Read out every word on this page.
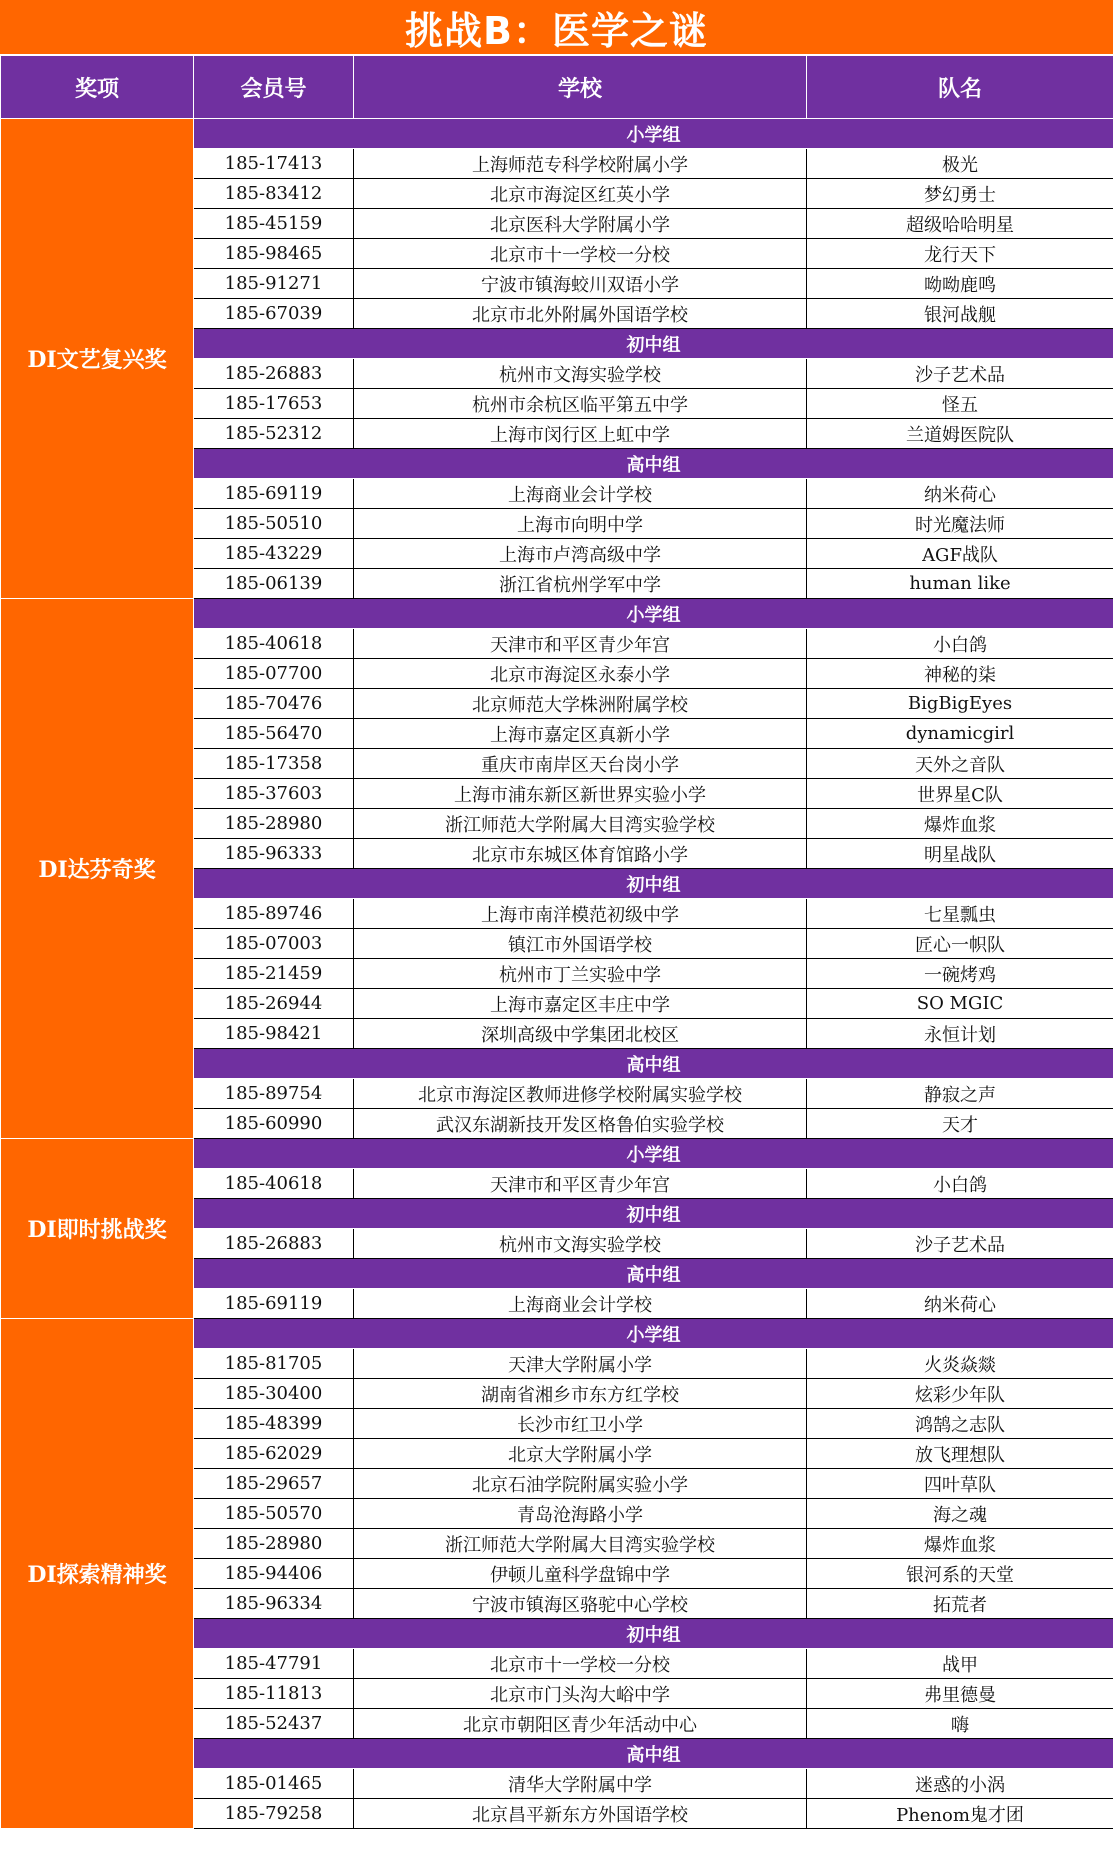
挑战B：医学之谜
奖项	会员号	学校	队名
DI文艺复兴奖	小学组		
	185-17413	上海师范专科学校附属小学	极光
	185-83412	北京市海淀区红英小学	梦幻勇士
	185-45159	北京医科大学附属小学	超级哈哈明星
	185-98465	北京市十一学校一分校	龙行天下
	185-91271	宁波市镇海蛟川双语小学	呦呦鹿鸣
	185-67039	北京市北外附属外国语学校	银河战舰
	初中组		
	185-26883	杭州市文海实验学校	沙子艺术品
	185-17653	杭州市余杭区临平第五中学	怪五
	185-52312	上海市闵行区上虹中学	兰道姆医院队
	高中组		
	185-69119	上海商业会计学校	纳米荷心
	185-50510	上海市向明中学	时光魔法师
	185-43229	上海市卢湾高级中学	AGF战队
	185-06139	浙江省杭州学军中学	human like
DI达芬奇奖	小学组		
	185-40618	天津市和平区青少年宫	小白鸽
	185-07700	北京市海淀区永泰小学	神秘的柒
	185-70476	北京师范大学株洲附属学校	BigBigEyes
	185-56470	上海市嘉定区真新小学	dynamicgirl
	185-17358	重庆市南岸区天台岗小学	天外之音队
	185-37603	上海市浦东新区新世界实验小学	世界星C队
	185-28980	浙江师范大学附属大目湾实验学校	爆炸血浆
	185-96333	北京市东城区体育馆路小学	明星战队
	初中组		
	185-89746	上海市南洋模范初级中学	七星瓢虫
	185-07003	镇江市外国语学校	匠心一帜队
	185-21459	杭州市丁兰实验中学	一碗烤鸡
	185-26944	上海市嘉定区丰庄中学	SO MGIC
	185-98421	深圳高级中学集团北校区	永恒计划
	高中组		
	185-89754	北京市海淀区教师进修学校附属实验学校	静寂之声
	185-60990	武汉东湖新技开发区格鲁伯实验学校	天才
DI即时挑战奖	小学组		
	185-40618	天津市和平区青少年宫	小白鸽
	初中组		
	185-26883	杭州市文海实验学校	沙子艺术品
	高中组		
	185-69119	上海商业会计学校	纳米荷心
DI探索精神奖	小学组		
	185-81705	天津大学附属小学	火炎焱燚
	185-30400	湖南省湘乡市东方红学校	炫彩少年队
	185-48399	长沙市红卫小学	鸿鹄之志队
	185-62029	北京大学附属小学	放飞理想队
	185-29657	北京石油学院附属实验小学	四叶草队
	185-50570	青岛沧海路小学	海之魂
	185-28980	浙江师范大学附属大目湾实验学校	爆炸血浆
	185-94406	伊顿儿童科学盘锦中学	银河系的天堂
	185-96334	宁波市镇海区骆驼中心学校	拓荒者
	初中组		
	185-47791	北京市十一学校一分校	战甲
	185-11813	北京市门头沟大峪中学	弗里德曼
	185-52437	北京市朝阳区青少年活动中心	嗨
	高中组		
	185-01465	清华大学附属中学	迷惑的小涡
	185-79258	北京昌平新东方外国语学校	Phenom鬼才团
